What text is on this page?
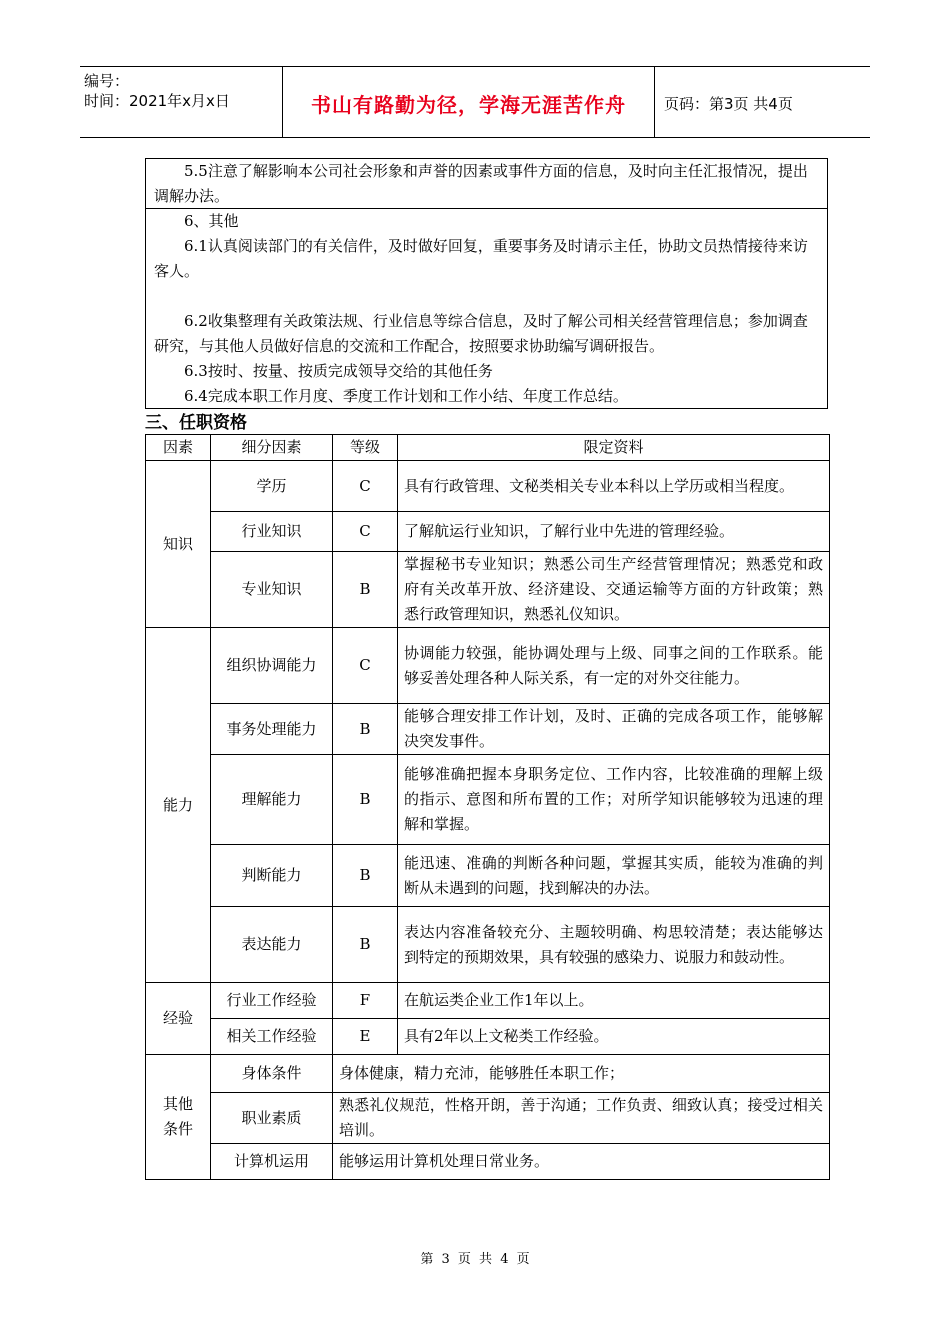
编号：
时间：2021年x月x日	书山有路勤为径，学海无涯苦作舟	页码：第3页 共4页

5.5注意了解影响本公司社会形象和声誉的因素或事件方面的信息，及时向主任汇报情况，提出调解办法。

6、其他

6.1认真阅读部门的有关信件，及时做好回复，重要事务及时请示主任，协助文员热情接待来访客人。

6.2收集整理有关政策法规、行业信息等综合信息，及时了解公司相关经营管理信息；参加调查研究，与其他人员做好信息的交流和工作配合，按照要求协助编写调研报告。

6.3按时、按量、按质完成领导交给的其他任务

6.4完成本职工作月度、季度工作计划和工作小结、年度工作总结。

三、任职资格
因素	细分因素	等级	限定资料
知识	学历	C	具有行政管理、文秘类相关专业本科以上学历或相当程度。
	行业知识	C	了解航运行业知识，了解行业中先进的管理经验。
	专业知识	B	掌握秘书专业知识；熟悉公司生产经营管理情况；熟悉党和政府有关改革开放、经济建设、交通运输等方面的方针政策；熟悉行政管理知识，熟悉礼仪知识。
能力	组织协调能力	C	协调能力较强，能协调处理与上级、同事之间的工作联系。能够妥善处理各种人际关系，有一定的对外交往能力。
	事务处理能力	B	能够合理安排工作计划，及时、正确的完成各项工作，能够解决突发事件。
	理解能力	B	能够准确把握本身职务定位、工作内容，比较准确的理解上级的指示、意图和所布置的工作；对所学知识能够较为迅速的理解和掌握。
	判断能力	B	能迅速、准确的判断各种问题，掌握其实质，能较为准确的判断从未遇到的问题，找到解决的办法。
	表达能力	B	表达内容准备较充分、主题较明确、构思较清楚；表达能够达到特定的预期效果，具有较强的感染力、说服力和鼓动性。
经验	行业工作经验	F	在航运类企业工作1年以上。
	相关工作经验	E	具有2年以上文秘类工作经验。

其他
条件	身体条件	身体健康，精力充沛，能够胜任本职工作；	
	职业素质	熟悉礼仪规范，性格开朗，善于沟通；工作负责、细致认真；接受过相关培训。	
	计算机运用	能够运用计算机处理日常业务。	
第 3 页 共 4 页
